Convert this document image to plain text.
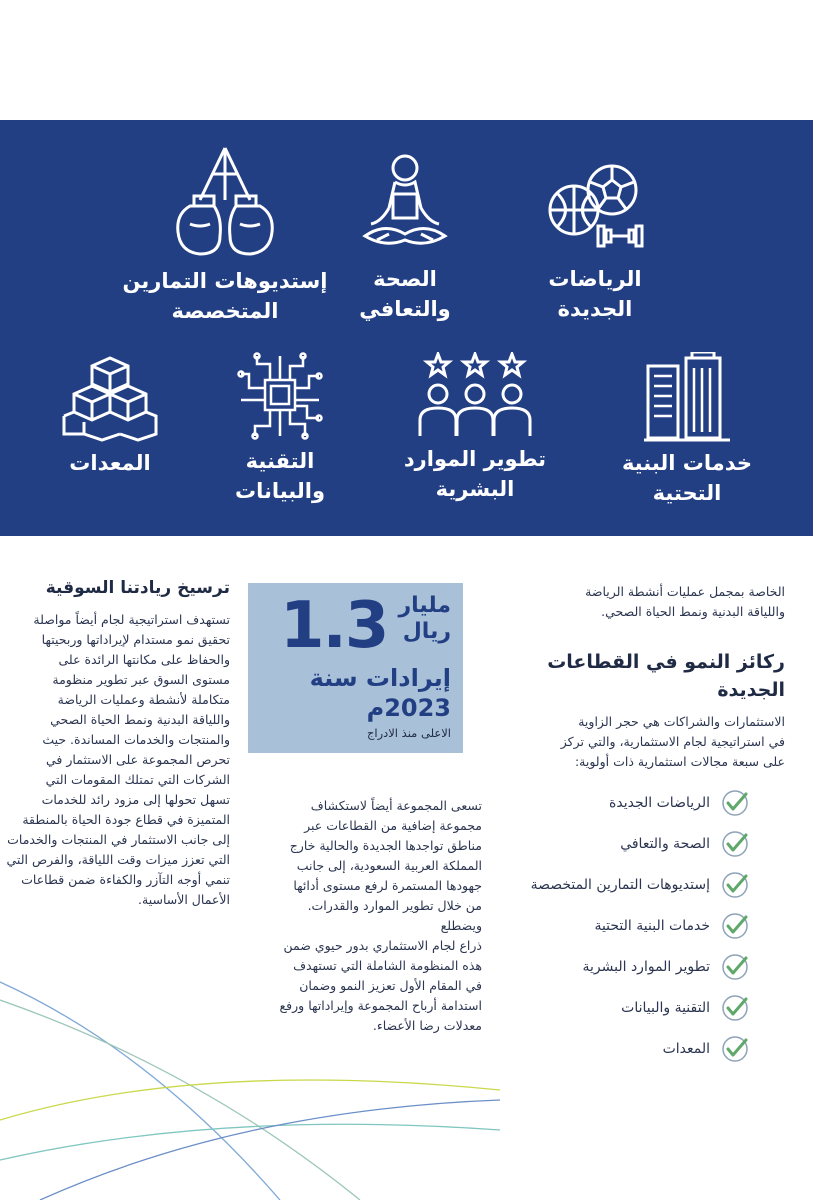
الرياضات
الجديدة
الصحة
والتعافي
إستديوهات التمارين
المتخصصة
خدمات البنية
التحتية
تطوير الموارد
البشرية
التقنية
والبيانات
المعدات
الخاصة بمجمل عمليات أنشطة الرياضة
واللياقة البدنية ونمط الحياة الصحي.
ركائز النمو في القطاعات
الجديدة
الاستثمارات والشراكات هي حجر الزاوية
في استراتيجية لجام الاستثمارية، والتي تركز
على سبعة مجالات استثمارية ذات أولوية:
الرياضات الجديدة
الصحة والتعافي
إستديوهات التمارين المتخصصة
خدمات البنية التحتية
تطوير الموارد البشرية
التقنية والبيانات
المعدات
1.3 مليار
ريال
إيرادات سنة
2023م
الاعلى منذ الادراج
تسعى المجموعة أيضاً لاستكشاف
مجموعة إضافية من القطاعات عبر
مناطق تواجدها الجديدة والحالية خارج
المملكة العربية السعودية، إلى جانب
جهودها المستمرة لرفع مستوى أدائها
من خلال تطوير الموارد والقدرات. ويضطلع
ذراع لجام الاستثماري بدور حيوي ضمن
هذه المنظومة الشاملة التي تستهدف
في المقام الأول تعزيز النمو وضمان
استدامة أرباح المجموعة وإيراداتها ورفع
معدلات رضا الأعضاء.
ترسيخ ريادتنا السوقية
تستهدف استراتيجية لجام أيضاً مواصلة
تحقيق نمو مستدام لإيراداتها وربحيتها
والحفاظ على مكانتها الرائدة على
مستوى السوق عبر تطوير منظومة
متكاملة لأنشطة وعمليات الرياضة
واللياقة البدنية ونمط الحياة الصحي
والمنتجات والخدمات المساندة. حيث
تحرص المجموعة على الاستثمار في
الشركات التي تمتلك المقومات التي
تسهل تحولها إلى مزود رائد للخدمات
المتميزة في قطاع جودة الحياة بالمنطقة
إلى جانب الاستثمار في المنتجات والخدمات
التي تعزز ميزات وقت اللياقة، والفرص التي
تنمي أوجه التآزر والكفاءة ضمن قطاعات
الأعمال الأساسية.
